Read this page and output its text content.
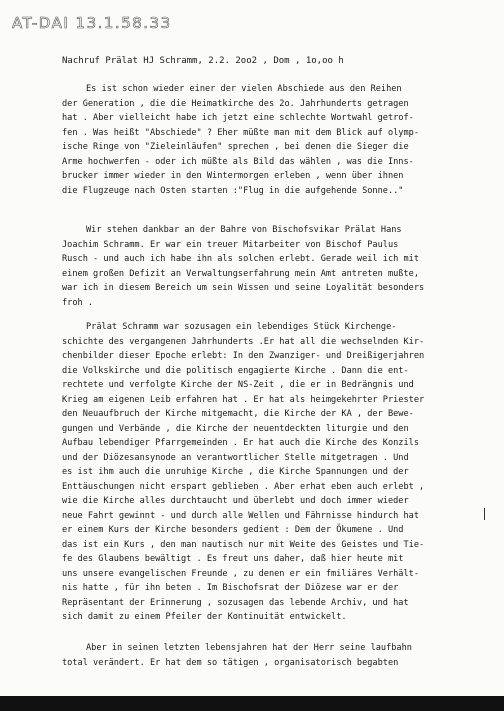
AT-DAI 13.1.58.33
Nachruf Prälat HJ Schramm, 2.2. 2oo2 , Dom , 1o,oo h
Es ist schon wieder einer der vielen Abschiede aus den Reihen
der Generation , die die Heimatkirche des 2o. Jahrhunderts getragen
hat . Aber vielleicht habe ich jetzt eine schlechte Wortwahl getrof-
fen . Was heißt "Abschiede" ? Eher müßte man mit dem Blick auf olymp-
ische Ringe von "Zieleinläufen" sprechen , bei denen die Sieger die
Arme hochwerfen - oder ich müßte als Bild das wählen , was die Inns-
brucker immer wieder in den Wintermorgen erleben , wenn über ihnen
die Flugzeuge nach Osten starten :"Flug in die aufgehende Sonne.."
Wir stehen dankbar an der Bahre von Bischofsvikar Prälat Hans
Joachim Schramm. Er war ein treuer Mitarbeiter von Bischof Paulus
Rusch - und auch ich habe ihn als solchen erlebt. Gerade weil ich mit
einem großen Defizit an Verwaltungserfahrung mein Amt antreten mußte,
war ich in diesem Bereich um sein Wissen und seine Loyalität besonders
froh .
Prälat Schramm war sozusagen ein lebendiges Stück Kirchenge-
schichte des vergangenen Jahrhunderts .Er hat all die wechselnden Kir-
chenbilder dieser Epoche erlebt: In den Zwanziger- und Dreißigerjahren
die Volkskirche und die politisch engagierte Kirche . Dann die ent-
rechtete und verfolgte Kirche der NS-Zeit , die er in Bedrängnis und
Krieg am eigenen Leib erfahren hat . Er hat als heimgekehrter Priester
den Neuaufbruch der Kirche mitgemacht, die Kirche der KA , der Bewe-
gungen und Verbände , die Kirche der neuentdeckten liturgie und den
Aufbau lebendiger Pfarrgemeinden . Er hat auch die Kirche des Konzils
und der Diözesansynode an verantwortlicher Stelle mitgetragen . Und
es ist ihm auch die unruhige Kirche , die Kirche Spannungen und der
Enttäuschungen nicht erspart geblieben . Aber erhat eben auch erlebt ,
wie die Kirche alles durchtaucht und überlebt und doch immer wieder
neue Fahrt gewinnt - und durch alle Wellen und Fährnisse hindurch hat
er einem Kurs der Kirche besonders gedient : Dem der Ökumene . Und
das ist ein Kurs , den man nautisch nur mit Weite des Geistes und Tie-
fe des Glaubens bewältigt . Es freut uns daher, daß hier heute mit
uns unsere evangelischen Freunde , zu denen er ein fmiliäres Verhält-
nis hatte , für ihn beten . Im Bischofsrat der Diözese war er der
Repräsentant der Erinnerung , sozusagen das lebende Archiv, und hat
sich damit zu einem Pfeiler der Kontinuität entwickelt.
Aber in seinen letzten lebensjahren hat der Herr seine laufbahn
total verändert. Er hat dem so tätigen , organisatorisch begabten
